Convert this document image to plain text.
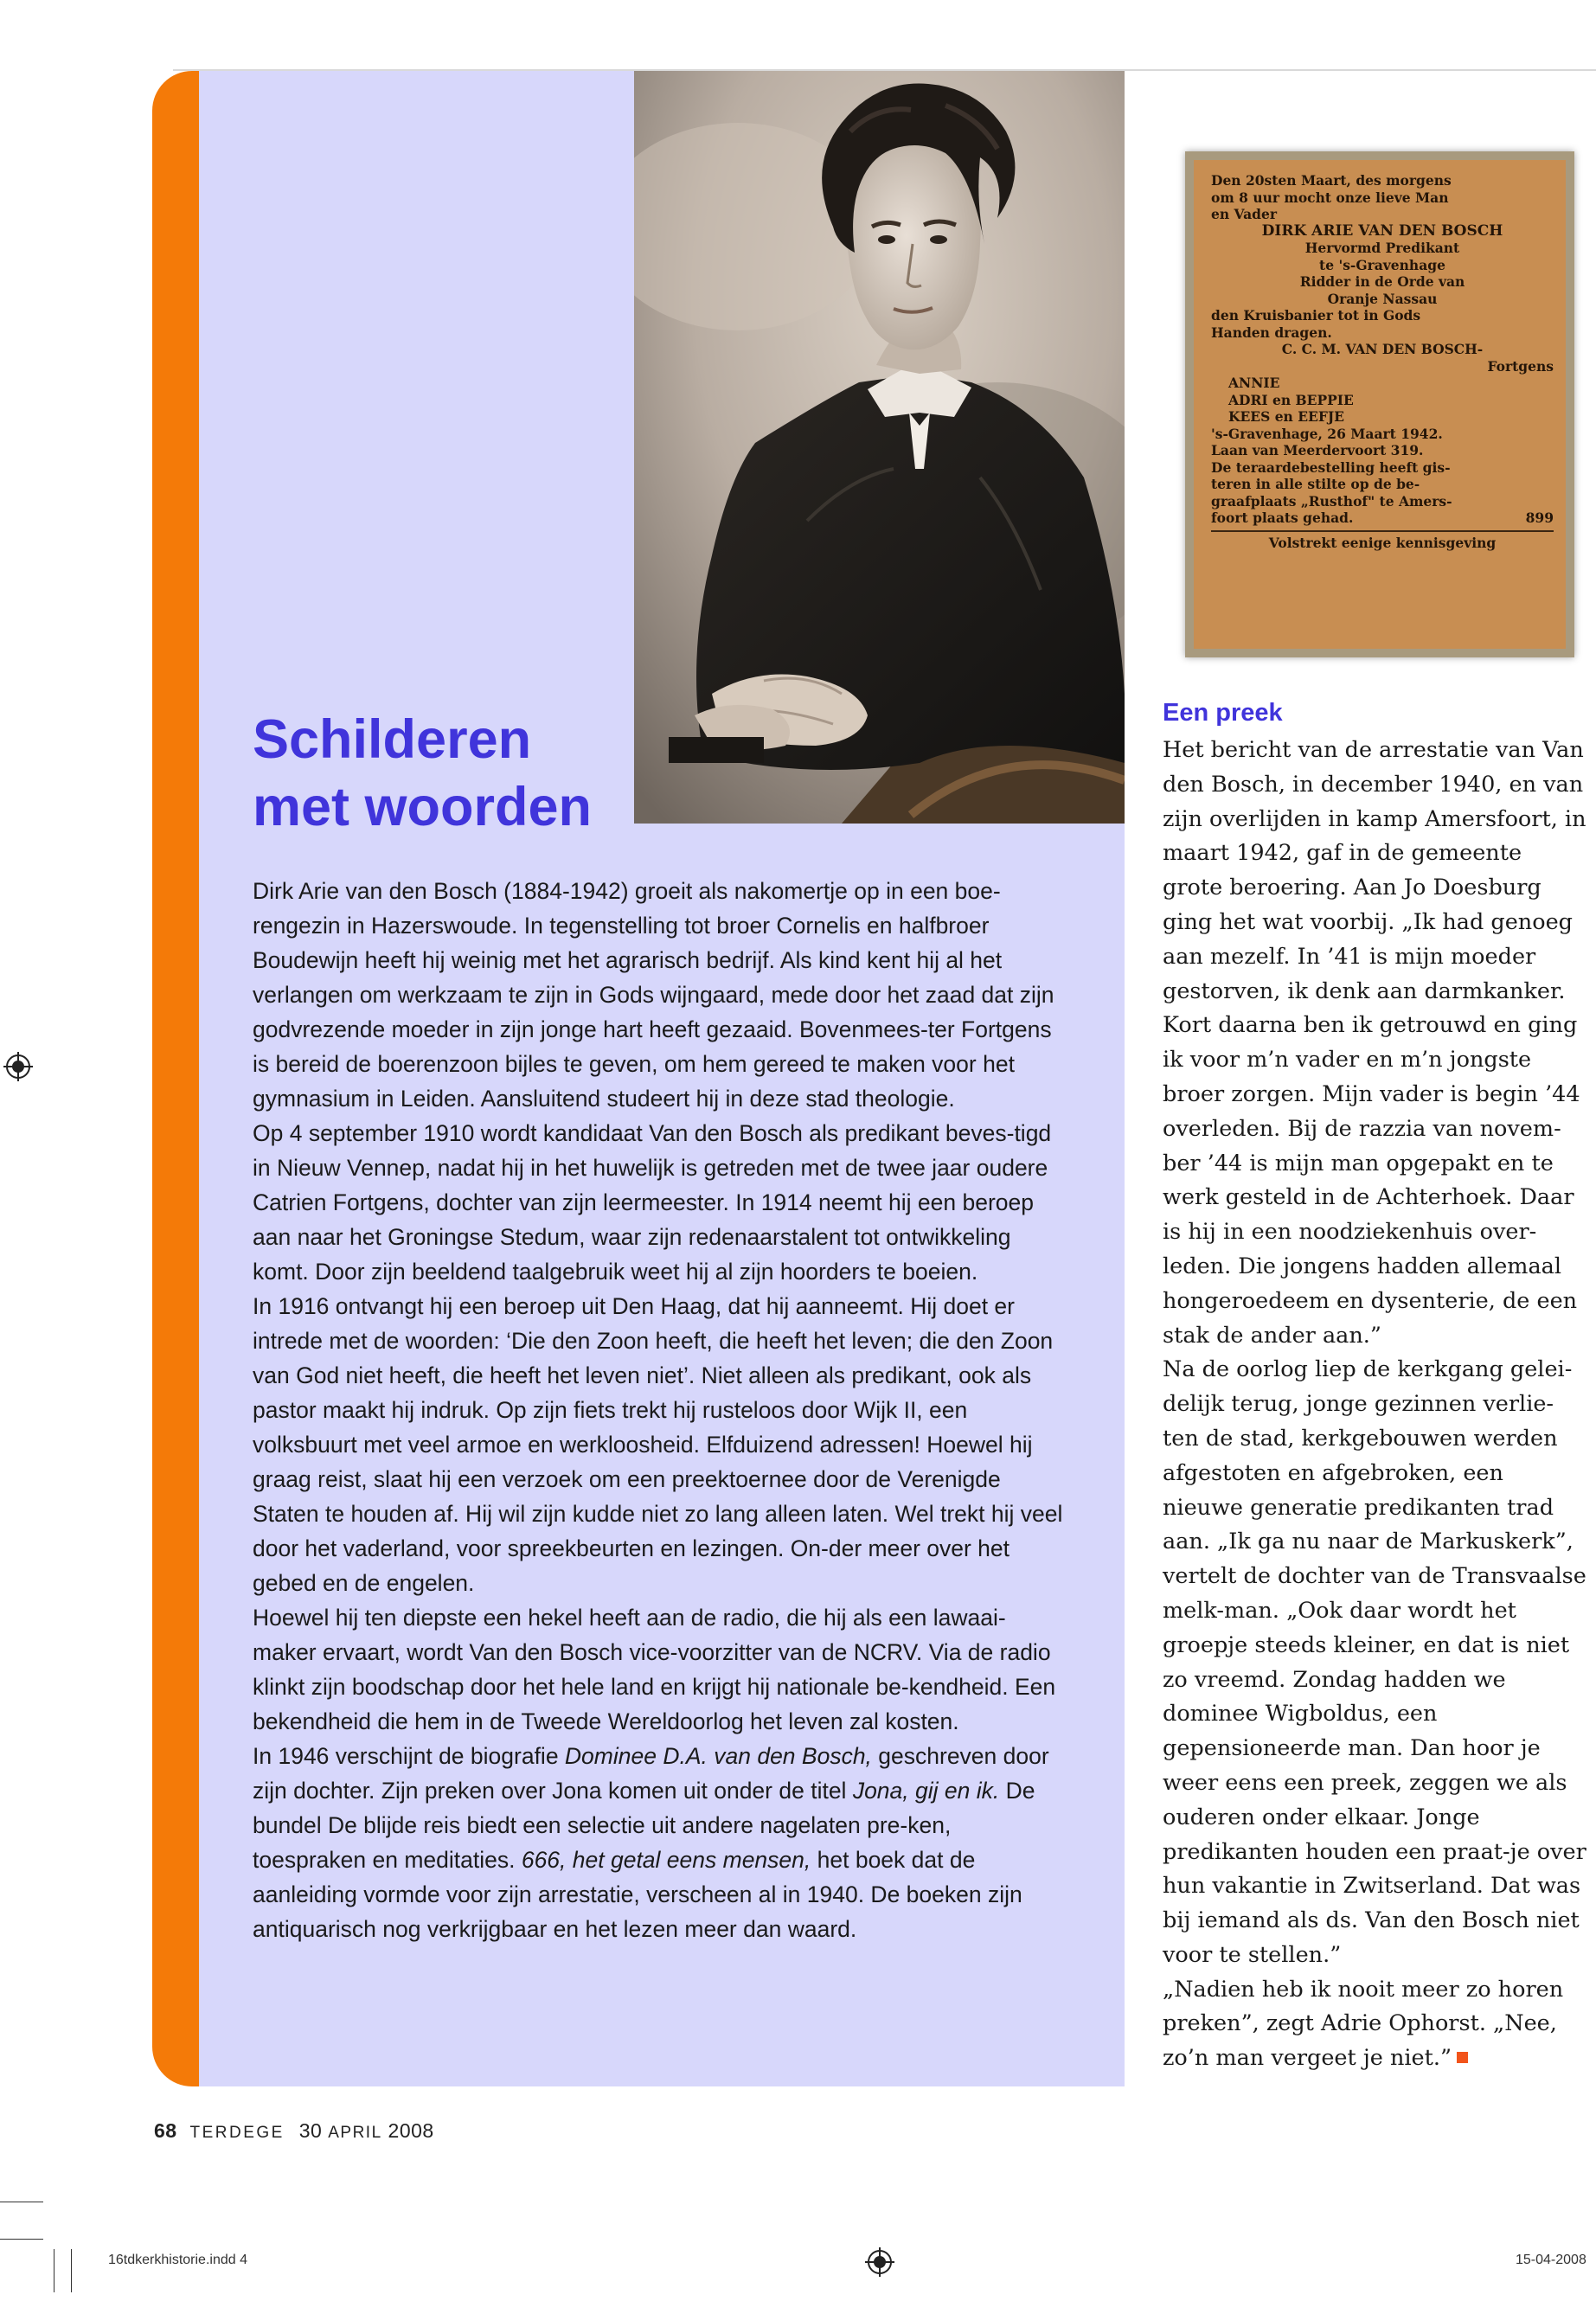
Schilderen
met woorden

Dirk Arie van den Bosch (1884-1942) groeit als nakomertje op in een boe-rengezin in Hazerswoude. In tegenstelling tot broer Cornelis en halfbroer Boudewijn heeft hij weinig met het agrarisch bedrijf. Als kind kent hij al het verlangen om werkzaam te zijn in Gods wijngaard, mede door het zaad dat zijn godvrezende moeder in zijn jonge hart heeft gezaaid. Bovenmees-ter Fortgens is bereid de boerenzoon bijles te geven, om hem gereed te maken voor het gymnasium in Leiden. Aansluitend studeert hij in deze stad theologie.

Op 4 september 1910 wordt kandidaat Van den Bosch als predikant beves-tigd in Nieuw Vennep, nadat hij in het huwelijk is getreden met de twee jaar oudere Catrien Fortgens, dochter van zijn leermeester. In 1914 neemt hij een beroep aan naar het Groningse Stedum, waar zijn redenaarstalent tot ontwikkeling komt. Door zijn beeldend taalgebruik weet hij al zijn hoorders te boeien.

In 1916 ontvangt hij een beroep uit Den Haag, dat hij aanneemt. Hij doet er intrede met de woorden: ‘Die den Zoon heeft, die heeft het leven; die den Zoon van God niet heeft, die heeft het leven niet’. Niet alleen als predikant, ook als pastor maakt hij indruk. Op zijn fiets trekt hij rusteloos door Wijk II, een volksbuurt met veel armoe en werkloosheid. Elfduizend adressen! Hoewel hij graag reist, slaat hij een verzoek om een preektoernee door de Verenigde Staten te houden af. Hij wil zijn kudde niet zo lang alleen laten. Wel trekt hij veel door het vaderland, voor spreekbeurten en lezingen. On-der meer over het gebed en de engelen.

Hoewel hij ten diepste een hekel heeft aan de radio, die hij als een lawaai-maker ervaart, wordt Van den Bosch vice-voorzitter van de NCRV. Via de radio klinkt zijn boodschap door het hele land en krijgt hij nationale be-kendheid. Een bekendheid die hem in de Tweede Wereldoorlog het leven zal kosten.

In 1946 verschijnt de biografie Dominee D.A. van den Bosch, geschreven door zijn dochter. Zijn preken over Jona komen uit onder de titel Jona, gij en ik. De bundel De blijde reis biedt een selectie uit andere nagelaten pre-ken, toespraken en meditaties. 666, het getal eens mensen, het boek dat de aanleiding vormde voor zijn arrestatie, verscheen al in 1940. De boeken zijn antiquarisch nog verkrijgbaar en het lezen meer dan waard.

Den 20sten Maart, des morgens
om 8 uur mocht onze lieve Man
en Vader
DIRK ARIE VAN DEN BOSCH
Hervormd Predikant
te 's-Gravenhage
Ridder in de Orde van
Oranje Nassau
den Kruisbanier tot in Gods
Handen dragen.
C. C. M. VAN DEN BOSCH-
Fortgens
ANNIE
ADRI en BEPPIE
KEES en EEFJE
's-Gravenhage, 26 Maart 1942.
Laan van Meerdervoort 319.
De teraardebestelling heeft gis-
teren in alle stilte op de be-
graafplaats „Rusthof" te Amers-
foort plaats gehad.	899
Volstrekt eenige kennisgeving
Een preek

Het bericht van de arrestatie van Van den Bosch, in december 1940, en van zijn overlijden in kamp Amersfoort, in maart 1942, gaf in de gemeente grote beroering. Aan Jo Doesburg ging het wat voorbij. „Ik had genoeg aan mezelf. In ’41 is mijn moeder gestorven, ik denk aan darmkanker. Kort daarna ben ik getrouwd en ging ik voor m’n vader en m’n jongste broer zorgen. Mijn vader is begin ’44 overleden. Bij de razzia van novem-ber ’44 is mijn man opgepakt en te werk gesteld in de Achterhoek. Daar is hij in een noodziekenhuis over-leden. Die jongens hadden allemaal hongeroedeem en dysenterie, de een stak de ander aan.”

Na de oorlog liep de kerkgang gelei-delijk terug, jonge gezinnen verlie-ten de stad, kerkgebouwen werden afgestoten en afgebroken, een nieuwe generatie predikanten trad aan. „Ik ga nu naar de Markuskerk”, vertelt de dochter van de Transvaalse melk-man. „Ook daar wordt het groepje steeds kleiner, en dat is niet zo vreemd. Zondag hadden we dominee Wigboldus, een gepensioneerde man. Dan hoor je weer eens een preek, zeggen we als ouderen onder elkaar. Jonge predikanten houden een praat-je over hun vakantie in Zwitserland. Dat was bij iemand als ds. Van den Bosch niet voor te stellen.”

„Nadien heb ik nooit meer zo horen preken”, zegt Adrie Ophorst. „Nee, zo’n man vergeet je niet.”

68 TERDEGE 30 APRIL 2008
16tdkerkhistorie.indd 4	15-04-2008
